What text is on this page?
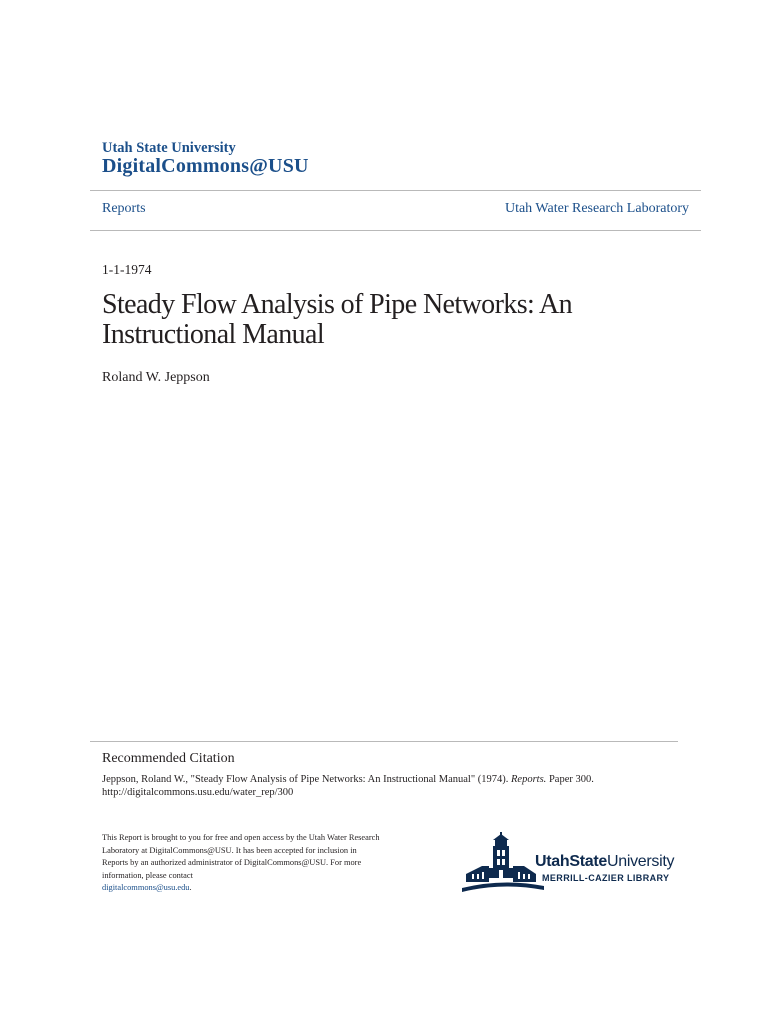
Utah State University
DigitalCommons@USU
Reports	Utah Water Research Laboratory
1-1-1974
Steady Flow Analysis of Pipe Networks: An Instructional Manual
Roland W. Jeppson
Recommended Citation
Jeppson, Roland W., "Steady Flow Analysis of Pipe Networks: An Instructional Manual" (1974). Reports. Paper 300.
http://digitalcommons.usu.edu/water_rep/300
This Report is brought to you for free and open access by the Utah Water Research Laboratory at DigitalCommons@USU. It has been accepted for inclusion in Reports by an authorized administrator of DigitalCommons@USU. For more information, please contact
digitalcommons@usu.edu.
UtahStateUniversity
MERRILL-CAZIER LIBRARY
